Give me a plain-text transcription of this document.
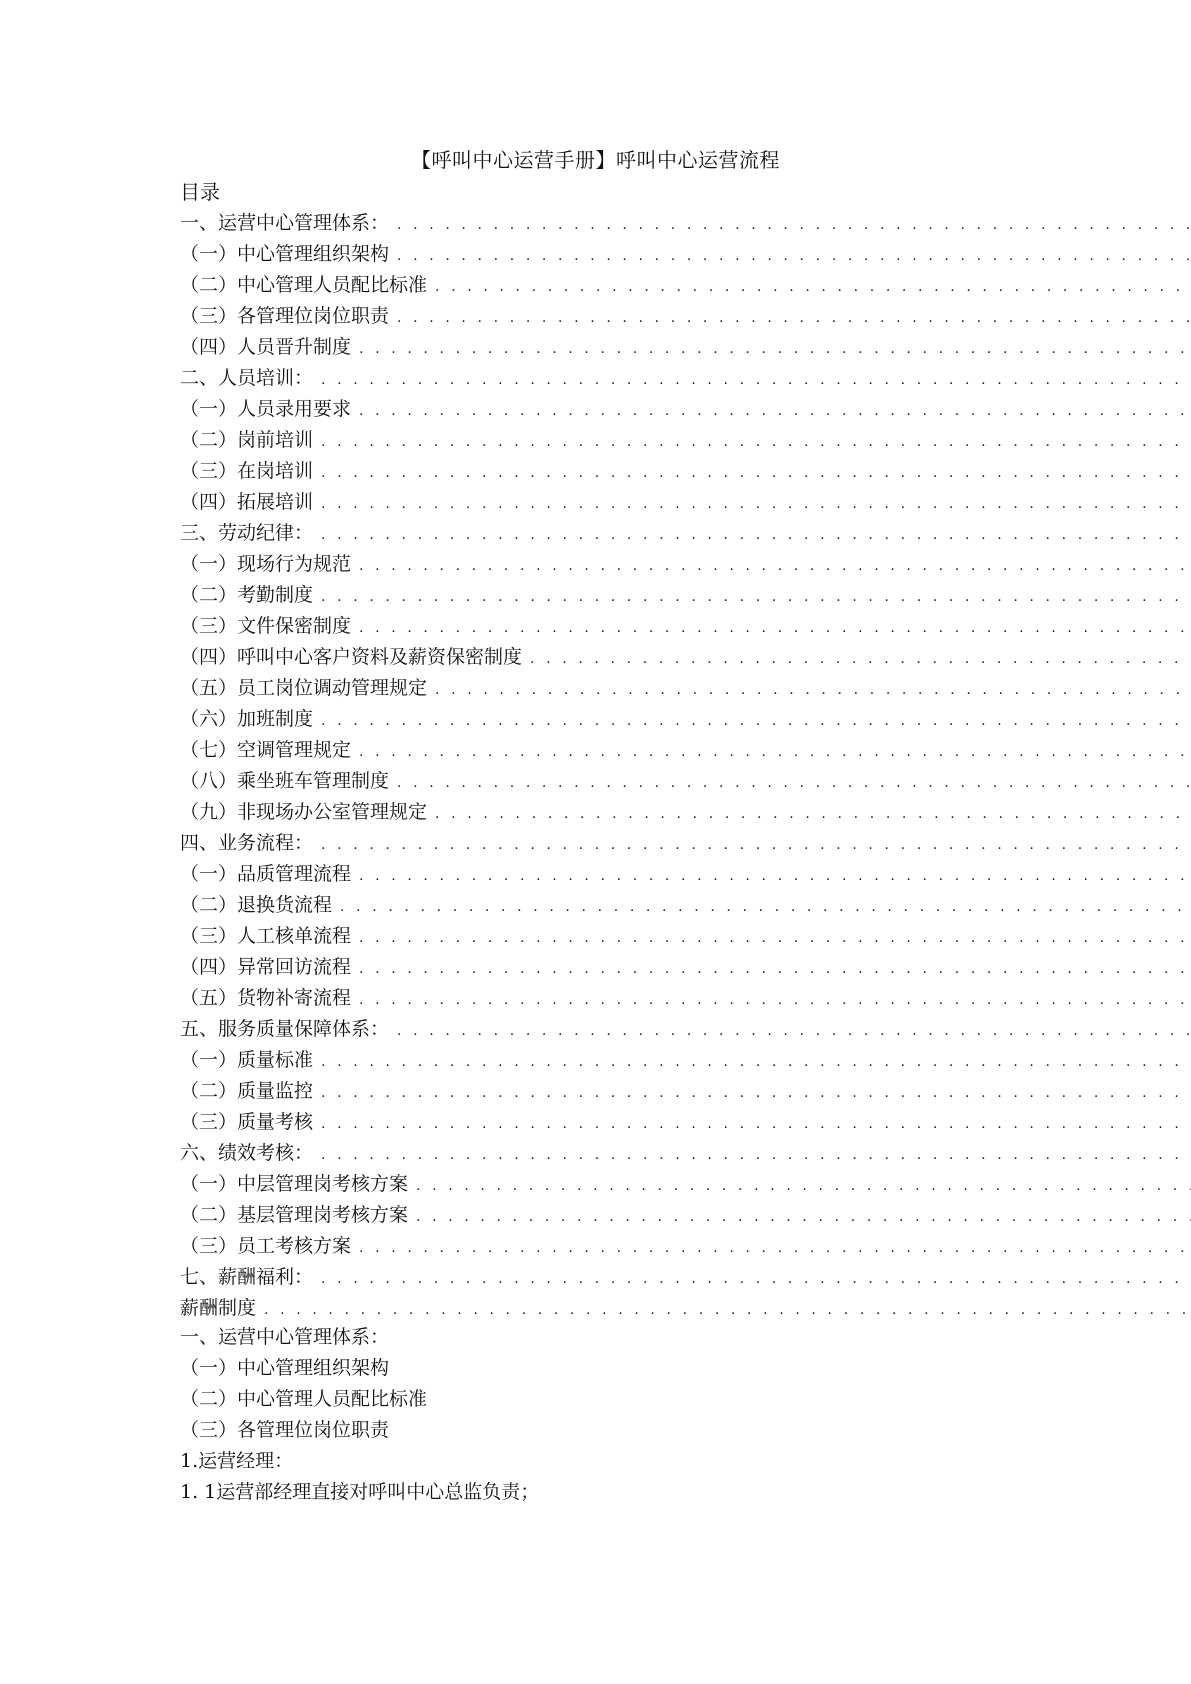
【呼叫中心运营手册】呼叫中心运营流程
目录
一、运营中心管理体系：
. . .
（一）中心管理组织架构
. . .
（二）中心管理人员配比标准
. . .
（三）各管理位岗位职责
. . .
（四）人员晋升制度
. . .
二、人员培训：
. . .
（一）人员录用要求
. . .
（二）岗前培训
. . .
（三）在岗培训
. . .
（四）拓展培训
. . .
三、劳动纪律：
. . .
（一）现场行为规范
. . .
（二）考勤制度
. . .
（三）文件保密制度
. . .
（四）呼叫中心客户资料及薪资保密制度
. . .
（五）员工岗位调动管理规定
. . .
（六）加班制度
. . .
（七）空调管理规定
. . .
（八）乘坐班车管理制度
. . .
（九）非现场办公室管理规定
. . .
四、业务流程：
. . .
（一）品质管理流程
. . .
（二）退换货流程
. . .
（三）人工核单流程
. . .
（四）异常回访流程
. . .
（五）货物补寄流程
. . .
五、服务质量保障体系：
. . .
（一）质量标准
. . .
（二）质量监控
. . .
（三）质量考核
. . .
六、绩效考核：
. . .
（一）中层管理岗考核方案
. . .
（二）基层管理岗考核方案
. . .
（三）员工考核方案
. . .
七、薪酬福利：
. . .
薪酬制度
. . .
一、运营中心管理体系：
（一）中心管理组织架构
（二）中心管理人员配比标准
（三）各管理位岗位职责
1.运营经理：
1. 1运营部经理直接对呼叫中心总监负责；
